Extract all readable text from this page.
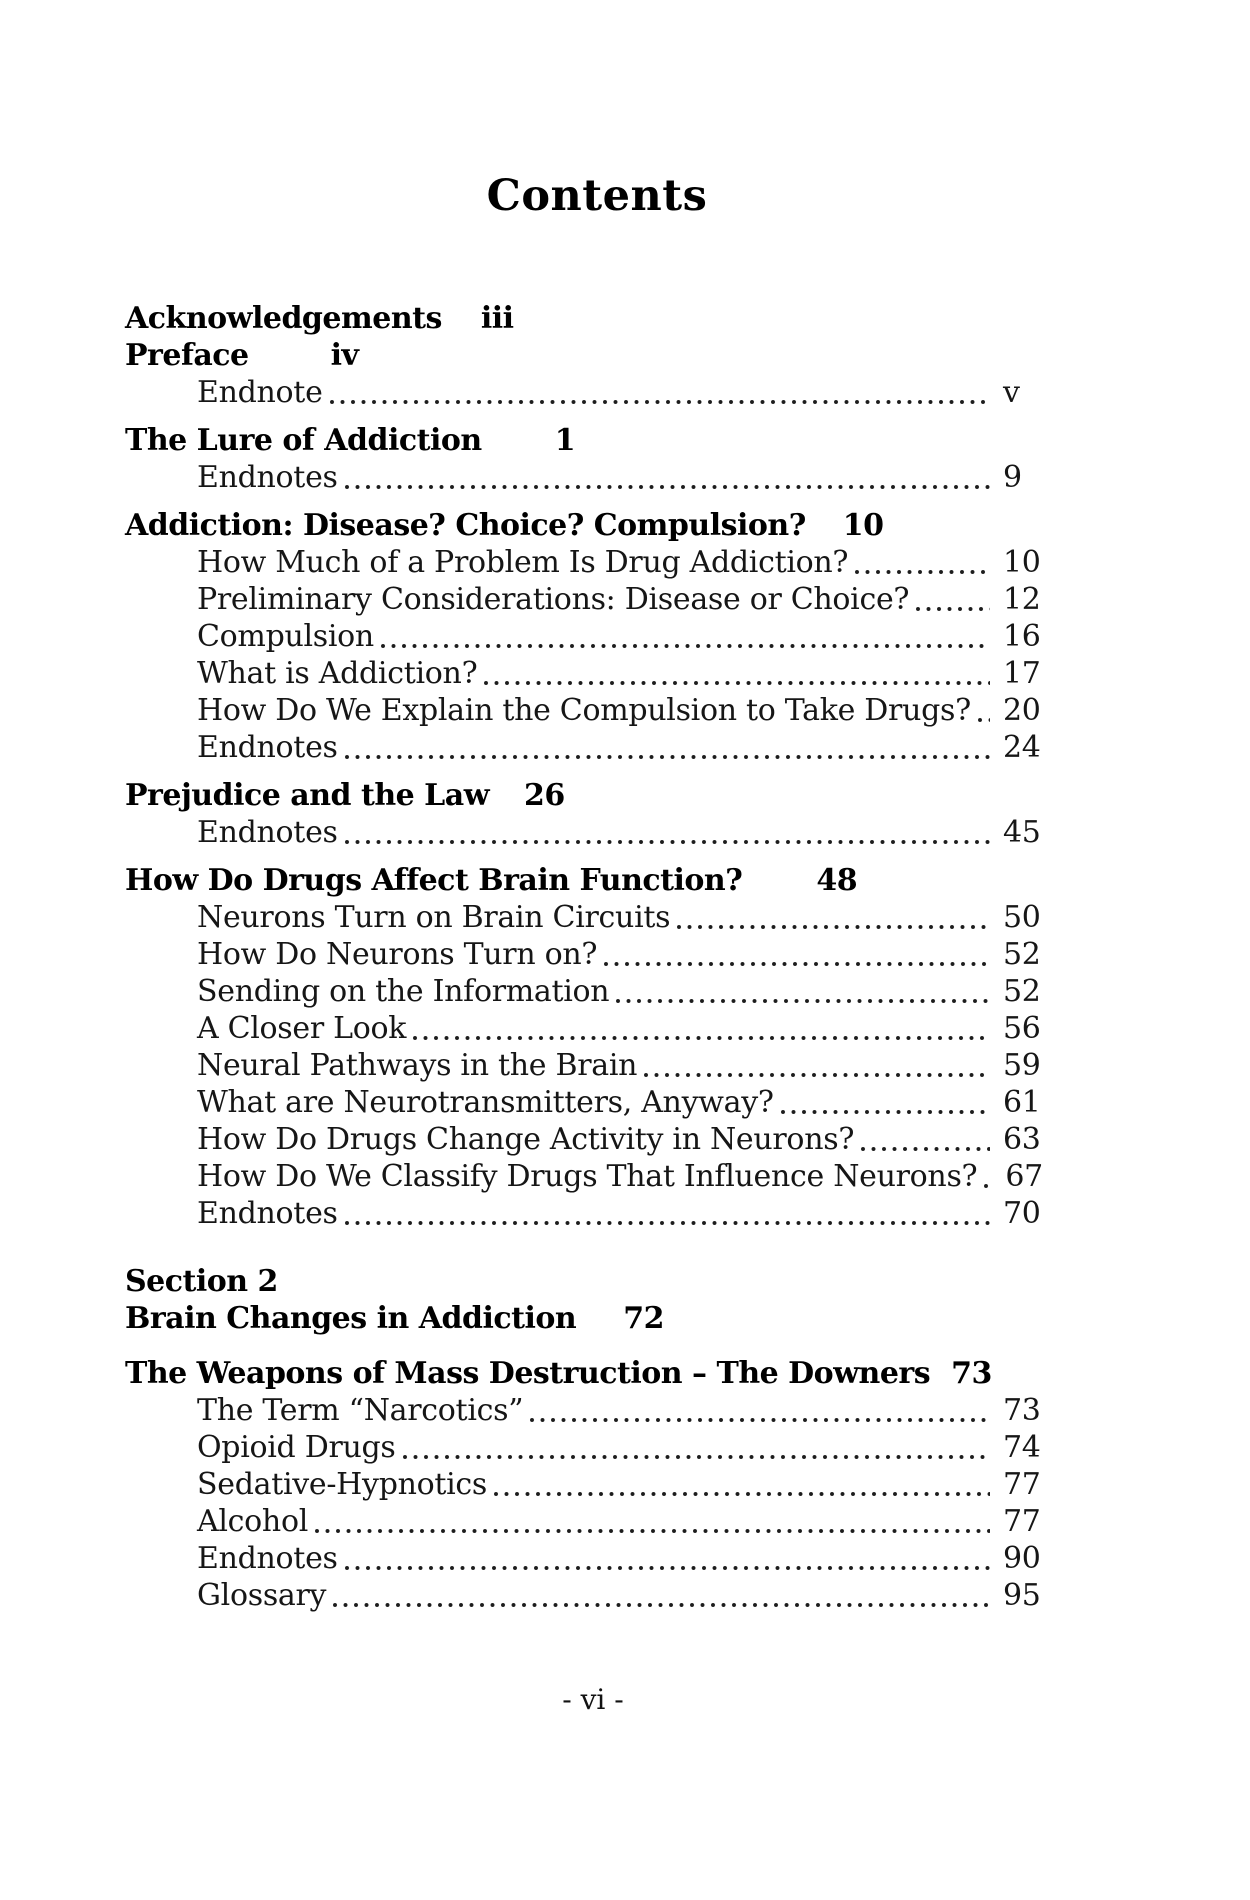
Contents
Acknowledgements iii
Preface	iv
Endnote	v
The Lure of Addiction 1
Endnotes	9
Addiction: Disease? Choice? Compulsion? 10
How Much of a Problem Is Drug Addiction?	10
Preliminary Considerations: Disease or Choice?	12
Compulsion	16
What is Addiction?	17
How Do We Explain the Compulsion to Take Drugs?	20
Endnotes	24
Prejudice and the Law 26
Endnotes	45
How Do Drugs Affect Brain Function? 48
Neurons Turn on Brain Circuits	50
How Do Neurons Turn on?	52
Sending on the Information	52
A Closer Look	56
Neural Pathways in the Brain	59
What are Neurotransmitters, Anyway?	61
How Do Drugs Change Activity in Neurons?	63
How Do We Classify Drugs That Influence Neurons? 67
Endnotes	70
Section 2
Brain Changes in Addiction 72
The Weapons of Mass Destruction – The Downers 73
The Term “Narcotics”	73
Opioid Drugs	74
Sedative-Hypnotics	77
Alcohol	77
Endnotes	90
Glossary	95
- vi -
